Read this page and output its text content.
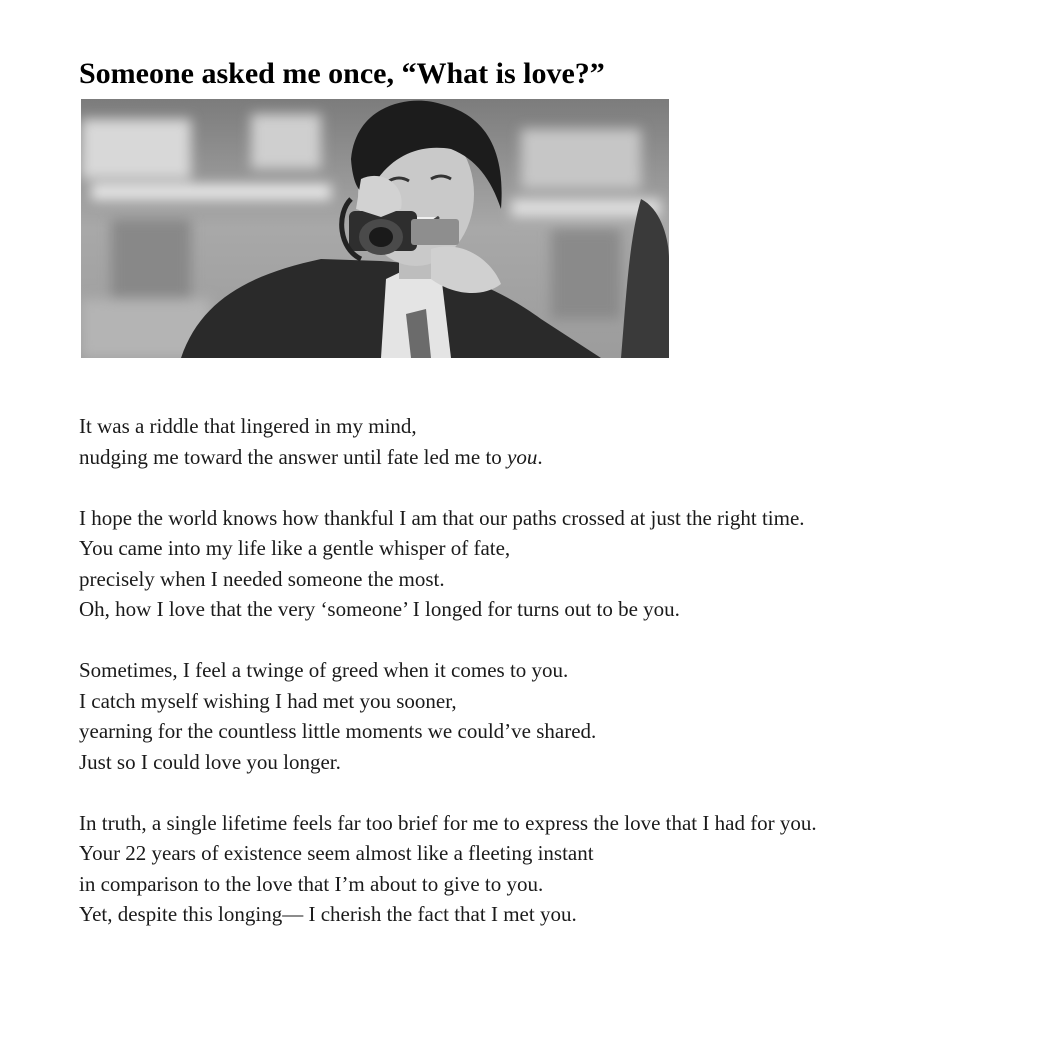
Someone asked me once, “What is love?”
It was a riddle that lingered in my mind,
nudging me toward the answer until fate led me to you.
I hope the world knows how thankful I am that our paths crossed at just the right time.
You came into my life like a gentle whisper of fate,
precisely when I needed someone the most.
Oh, how I love that the very ‘someone’ I longed for turns out to be you.
Sometimes, I feel a twinge of greed when it comes to you.
I catch myself wishing I had met you sooner,
yearning for the countless little moments we could’ve shared.
Just so I could love you longer.
In truth, a single lifetime feels far too brief for me to express the love that I had for you.
Your 22 years of existence seem almost like a fleeting instant
in comparison to the love that I’m about to give to you.
Yet, despite this longing— I cherish the fact that I met you.
